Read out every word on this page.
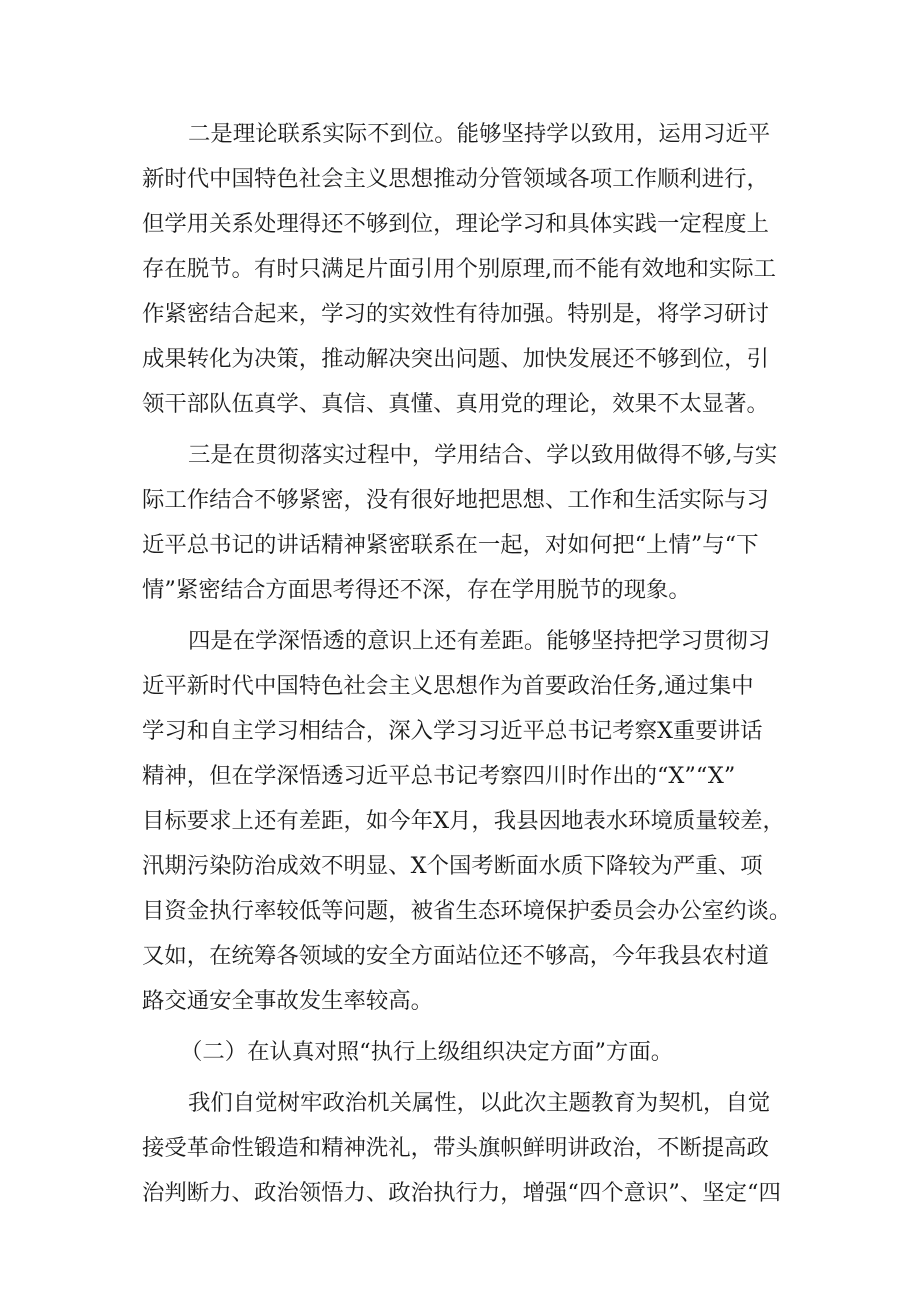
二是理论联系实际不到位。能够坚持学以致用，运用习近平
新时代中国特色社会主义思想推动分管领域各项工作顺利进行，
但学用关系处理得还不够到位，理论学习和具体实践一定程度上
存在脱节。有时只满足片面引用个别原理,而不能有效地和实际工
作紧密结合起来，学习的实效性有待加强。特别是，将学习研讨
成果转化为决策，推动解决突出问题、加快发展还不够到位，引
领干部队伍真学、真信、真懂、真用党的理论，效果不太显著。
三是在贯彻落实过程中，学用结合、学以致用做得不够,与实
际工作结合不够紧密，没有很好地把思想、工作和生活实际与习
近平总书记的讲话精神紧密联系在一起，对如何把“上情”与“下
情”紧密结合方面思考得还不深，存在学用脱节的现象。
四是在学深悟透的意识上还有差距。能够坚持把学习贯彻习
近平新时代中国特色社会主义思想作为首要政治任务,通过集中
学习和自主学习相结合，深入学习习近平总书记考察X重要讲话
精神，但在学深悟透习近平总书记考察四川时作出的“X”“X”
目标要求上还有差距，如今年X月，我县因地表水环境质量较差，
汛期污染防治成效不明显、X个国考断面水质下降较为严重、项
目资金执行率较低等问题，被省生态环境保护委员会办公室约谈。
又如，在统筹各领域的安全方面站位还不够高，今年我县农村道
路交通安全事故发生率较高。
（二）在认真对照“执行上级组织决定方面”方面。
我们自觉树牢政治机关属性，以此次主题教育为契机，自觉
接受革命性锻造和精神洗礼，带头旗帜鲜明讲政治，不断提高政
治判断力、政治领悟力、政治执行力，增强“四个意识”、坚定“四
